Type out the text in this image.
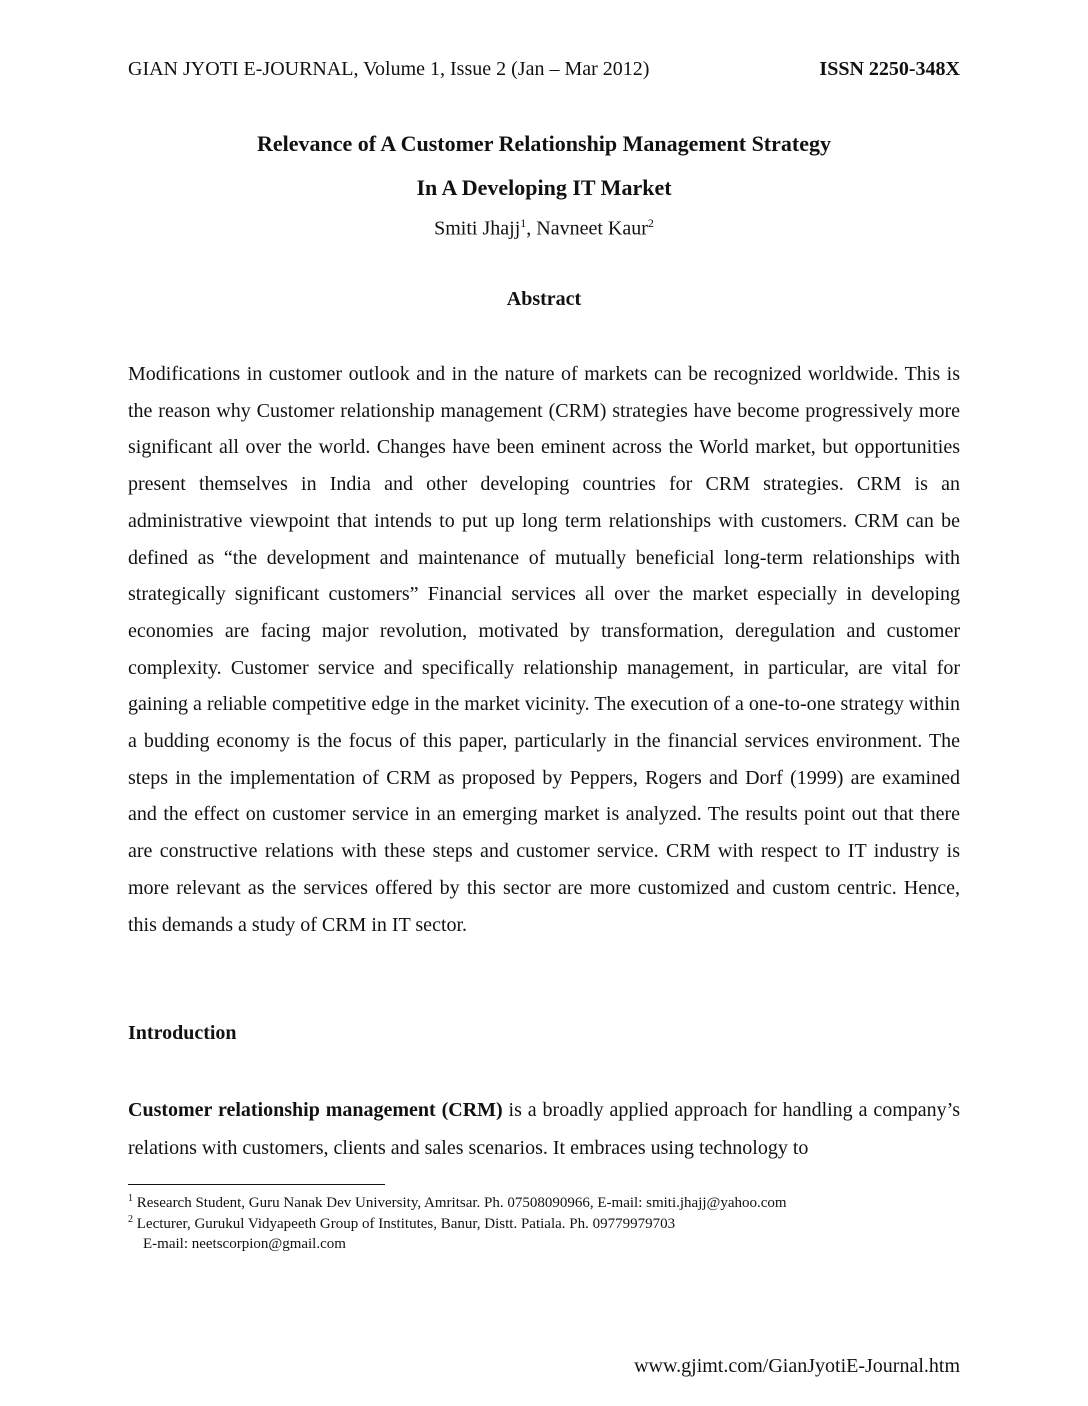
GIAN JYOTI E-JOURNAL, Volume 1, Issue 2 (Jan – Mar 2012)	ISSN 2250-348X
Relevance of A Customer Relationship Management Strategy
In A Developing IT Market
Smiti Jhajj$^1$, Navneet Kaur$^2$
Abstract
Modifications in customer outlook and in the nature of markets can be recognized worldwide. This is the reason why Customer relationship management (CRM) strategies have become progressively more significant all over the world. Changes have been eminent across the World market, but opportunities present themselves in India and other developing countries for CRM strategies. CRM is an administrative viewpoint that intends to put up long term relationships with customers. CRM can be defined as “the development and maintenance of mutually beneficial long-term relationships with strategically significant customers” Financial services all over the market especially in developing economies are facing major revolution, motivated by transformation, deregulation and customer complexity. Customer service and specifically relationship management, in particular, are vital for gaining a reliable competitive edge in the market vicinity. The execution of a one-to-one strategy within a budding economy is the focus of this paper, particularly in the financial services environment. The steps in the implementation of CRM as proposed by Peppers, Rogers and Dorf (1999) are examined and the effect on customer service in an emerging market is analyzed. The results point out that there are constructive relations with these steps and customer service. CRM with respect to IT industry is more relevant as the services offered by this sector are more customized and custom centric. Hence, this demands a study of CRM in IT sector.
Introduction
Customer relationship management (CRM) is a broadly applied approach for handling a company’s relations with customers, clients and sales scenarios. It embraces using technology to
$^1$ Research Student, Guru Nanak Dev University, Amritsar. Ph. 07508090966, E-mail: smiti.jhajj@yahoo.com
$^2$ Lecturer, Gurukul Vidyapeeth Group of Institutes, Banur, Distt. Patiala. Ph. 09779979703
E-mail: neetscorpion@gmail.com
www.gjimt.com/GianJyotiE-Journal.htm
